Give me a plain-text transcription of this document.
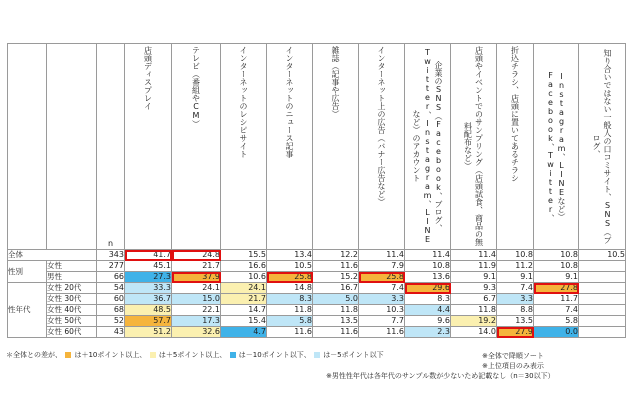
		n	店頭ディスプレイ	テレビ（番組やCM）	インターネットのレシピサイト	インターネットのニュース記事	雑誌（記事や広告）	インターネット上の広告（バナー広告など）	企業のSNS（Facebook、ブログ、Twitter、Instagram、LINEなど）のアカウント	店頭やイベントでのサンプリング（店頭試食、商品の無料配布など）	折込チラシ、店頭に置いてあるチラシ	Instagram、LINEなど）Facebook、Twitter、	知り合いではない一般人の口コミサイト、SNS（ブログ、
全体		343	41.7	24.8	15.5	13.4	12.2	11.4	11.4	11.4	10.8	10.8	10.5
性別	女性	277	45.1	21.7	16.6	10.5	11.6	7.9	10.8	11.9	11.2	10.8	
	男性	66	27.3	37.9	10.6	25.8	15.2	25.8	13.6	9.1	9.1	9.1	
性年代	女性 20代	54	33.3	24.1	24.1	14.8	16.7	7.4	29.6	9.3	7.4	27.8	
	女性 30代	60	36.7	15.0	21.7	8.3	5.0	3.3	8.3	6.7	3.3	11.7	
	女性 40代	68	48.5	22.1	14.7	11.8	11.8	10.3	4.4	11.8	8.8	7.4	
	女性 50代	52	57.7	17.3	15.4	5.8	13.5	7.7	9.6	19.2	13.5	5.8	
	女性 60代	43	51.2	32.6	4.7	11.6	11.6	11.6	2.3	14.0	27.9	0.0	
＊全体との差が、 は＋10ポイント以上、 は＋5ポイント以上、 は－10ポイント以下、 は－5ポイント以下	※全体で降順ソート
※上位項目のみ表示
※男性性年代は各年代のサンプル数が少ないため記載なし（n＝30以下）
